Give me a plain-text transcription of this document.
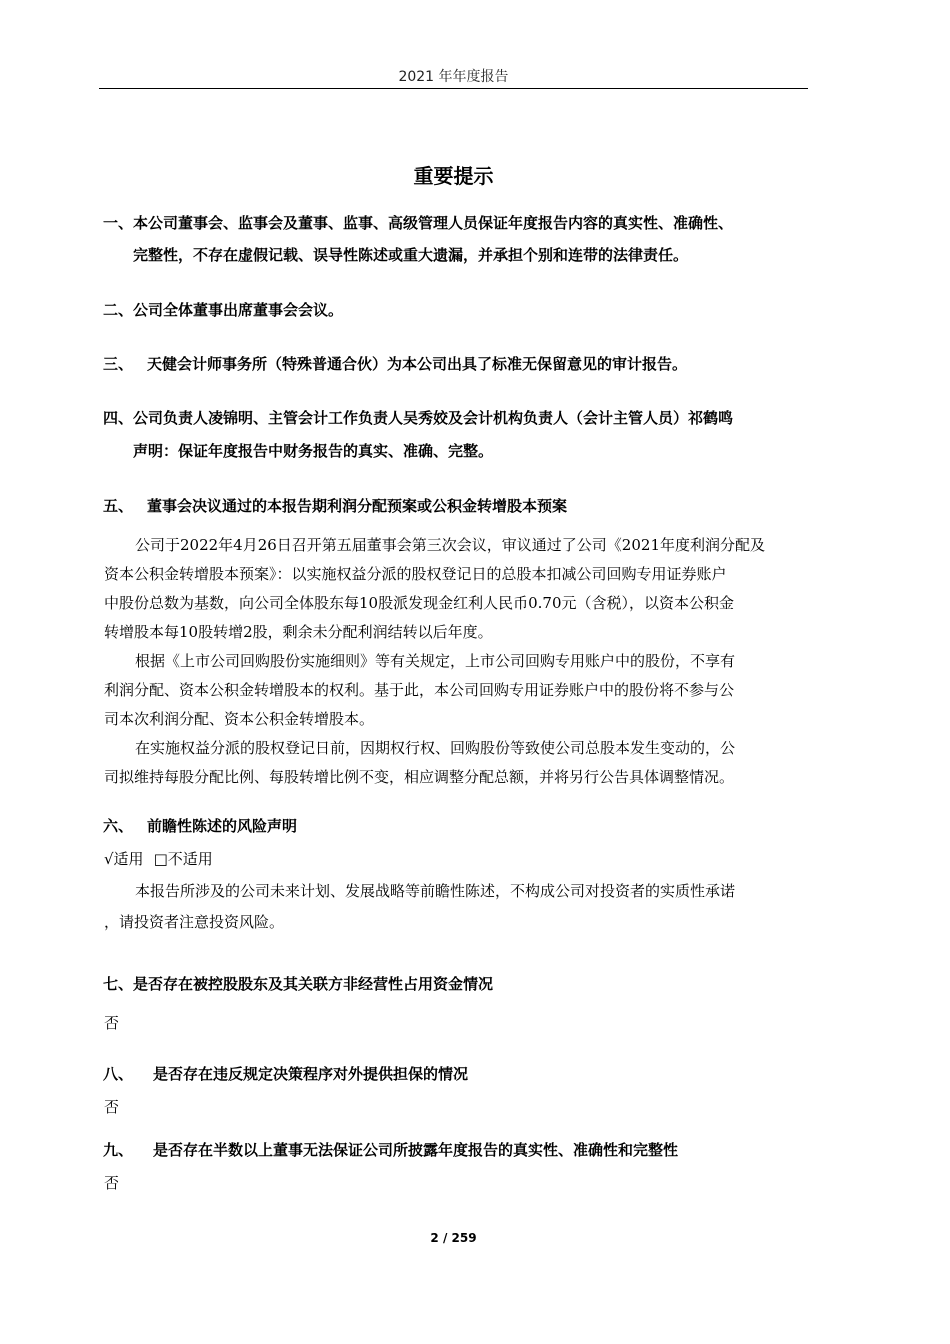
2021 年年度报告
重要提示
一、本公司董事会、监事会及董事、监事、高级管理人员保证年度报告内容的真实性、准确性、
完整性，不存在虚假记载、误导性陈述或重大遗漏，并承担个别和连带的法律责任。
二、公司全体董事出席董事会会议。
三、 天健会计师事务所（特殊普通合伙）为本公司出具了标准无保留意见的审计报告。
四、公司负责人凌锦明、主管会计工作负责人吴秀姣及会计机构负责人（会计主管人员）祁鹤鸣
声明：保证年度报告中财务报告的真实、准确、完整。
五、 董事会决议通过的本报告期利润分配预案或公积金转增股本预案
公司于2022年4月26日召开第五届董事会第三次会议，审议通过了公司《2021年度利润分配及
资本公积金转增股本预案》：以实施权益分派的股权登记日的总股本扣减公司回购专用证券账户
中股份总数为基数，向公司全体股东每10股派发现金红利人民币0.70元（含税），以资本公积金
转增股本每10股转增2股，剩余未分配利润结转以后年度。
根据《上市公司回购股份实施细则》等有关规定，上市公司回购专用账户中的股份，不享有
利润分配、资本公积金转增股本的权利。基于此，本公司回购专用证券账户中的股份将不参与公
司本次利润分配、资本公积金转增股本。
在实施权益分派的股权登记日前，因期权行权、回购股份等致使公司总股本发生变动的，公
司拟维持每股分配比例、每股转增比例不变，相应调整分配总额，并将另行公告具体调整情况。
六、 前瞻性陈述的风险声明
√适用 □不适用
本报告所涉及的公司未来计划、发展战略等前瞻性陈述，不构成公司对投资者的实质性承诺
，请投资者注意投资风险。
七、是否存在被控股股东及其关联方非经营性占用资金情况
否
八、 是否存在违反规定决策程序对外提供担保的情况
否
九、 是否存在半数以上董事无法保证公司所披露年度报告的真实性、准确性和完整性
否
2 / 259
